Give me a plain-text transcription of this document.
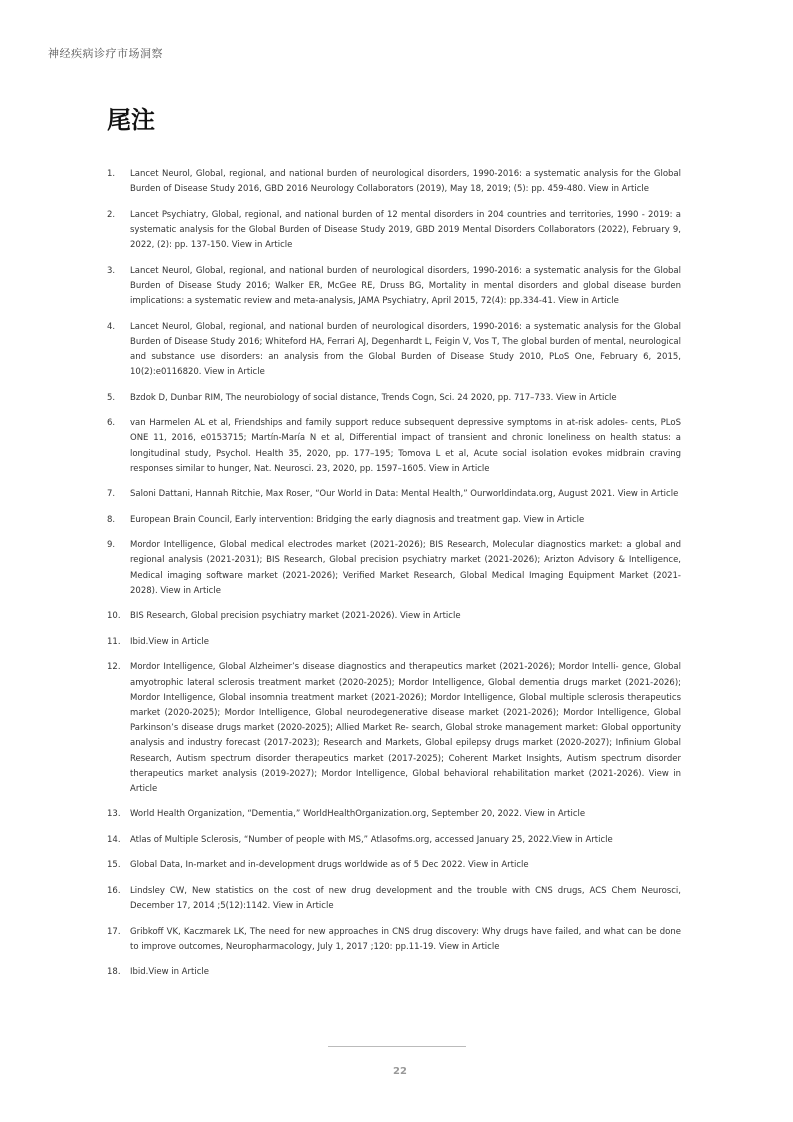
神经疾病诊疗市场洞察
尾注
1.	Lancet Neurol, Global, regional, and national burden of neurological disorders, 1990-2016: a systematic analysis for the Global Burden of Disease Study 2016, GBD 2016 Neurology Collaborators (2019), May 18, 2019; (5): pp. 459-480. View in Article
2.	Lancet Psychiatry, Global, regional, and national burden of 12 mental disorders in 204 countries and territories, 1990 - 2019: a systematic analysis for the Global Burden of Disease Study 2019, GBD 2019 Mental Disorders Collaborators (2022), February 9, 2022, (2): pp. 137-150. View in Article
3.	Lancet Neurol, Global, regional, and national burden of neurological disorders, 1990-2016: a systematic analysis for the Global Burden of Disease Study 2016; Walker ER, McGee RE, Druss BG, Mortality in mental disorders and global disease burden implications: a systematic review and meta-analysis, JAMA Psychiatry, April 2015, 72(4): pp.334-41. View in Article
4.	Lancet Neurol, Global, regional, and national burden of neurological disorders, 1990-2016: a systematic analysis for the Global Burden of Disease Study 2016; Whiteford HA, Ferrari AJ, Degenhardt L, Feigin V, Vos T, The global burden of mental, neurological and substance use disorders: an analysis from the Global Burden of Disease Study 2010, PLoS One, February 6, 2015, 10(2):e0116820. View in Article
5.	Bzdok D, Dunbar RIM, The neurobiology of social distance, Trends Cogn, Sci. 24 2020, pp. 717–733. View in Article
6.	van Harmelen AL et al, Friendships and family support reduce subsequent depressive symptoms in at-risk adoles- cents, PLoS ONE 11, 2016, e0153715; Martín-María N et al, Differential impact of transient and chronic loneliness on health status: a longitudinal study, Psychol. Health 35, 2020, pp. 177–195; Tomova L et al, Acute social isolation evokes midbrain craving responses similar to hunger, Nat. Neurosci. 23, 2020, pp. 1597–1605. View in Article
7.	Saloni Dattani, Hannah Ritchie, Max Roser, “Our World in Data: Mental Health,” Ourworldindata.org, August 2021. View in Article
8.	European Brain Council, Early intervention: Bridging the early diagnosis and treatment gap. View in Article
9.	Mordor Intelligence, Global medical electrodes market (2021-2026); BIS Research, Molecular diagnostics market: a global and regional analysis (2021-2031); BIS Research, Global precision psychiatry market (2021-2026); Arizton Advisory & Intelligence, Medical imaging software market (2021-2026); Verified Market Research, Global Medical Imaging Equipment Market (2021-2028). View in Article
10.	BIS Research, Global precision psychiatry market (2021-2026). View in Article
11.	Ibid.View in Article
12.	Mordor Intelligence, Global Alzheimer’s disease diagnostics and therapeutics market (2021-2026); Mordor Intelli- gence, Global amyotrophic lateral sclerosis treatment market (2020-2025); Mordor Intelligence, Global dementia drugs market (2021-2026); Mordor Intelligence, Global insomnia treatment market (2021-2026); Mordor Intelligence, Global multiple sclerosis therapeutics market (2020-2025); Mordor Intelligence, Global neurodegenerative disease market (2021-2026); Mordor Intelligence, Global Parkinson’s disease drugs market (2020-2025); Allied Market Re- search, Global stroke management market: Global opportunity analysis and industry forecast (2017-2023); Research and Markets, Global epilepsy drugs market (2020-2027); Infinium Global Research, Autism spectrum disorder therapeutics market (2017-2025); Coherent Market Insights, Autism spectrum disorder therapeutics market analysis (2019-2027); Mordor Intelligence, Global behavioral rehabilitation market (2021-2026). View in Article
13.	World Health Organization, “Dementia,” WorldHealthOrganization.org, September 20, 2022. View in Article
14.	Atlas of Multiple Sclerosis, “Number of people with MS,” Atlasofms.org, accessed January 25, 2022.View in Article
15.	Global Data, In-market and in-development drugs worldwide as of 5 Dec 2022. View in Article
16.	Lindsley CW, New statistics on the cost of new drug development and the trouble with CNS drugs, ACS Chem Neurosci, December 17, 2014 ;5(12):1142. View in Article
17.	Gribkoff VK, Kaczmarek LK, The need for new approaches in CNS drug discovery: Why drugs have failed, and what can be done to improve outcomes, Neuropharmacology, July 1, 2017 ;120: pp.11-19. View in Article
18.	Ibid.View in Article
22
